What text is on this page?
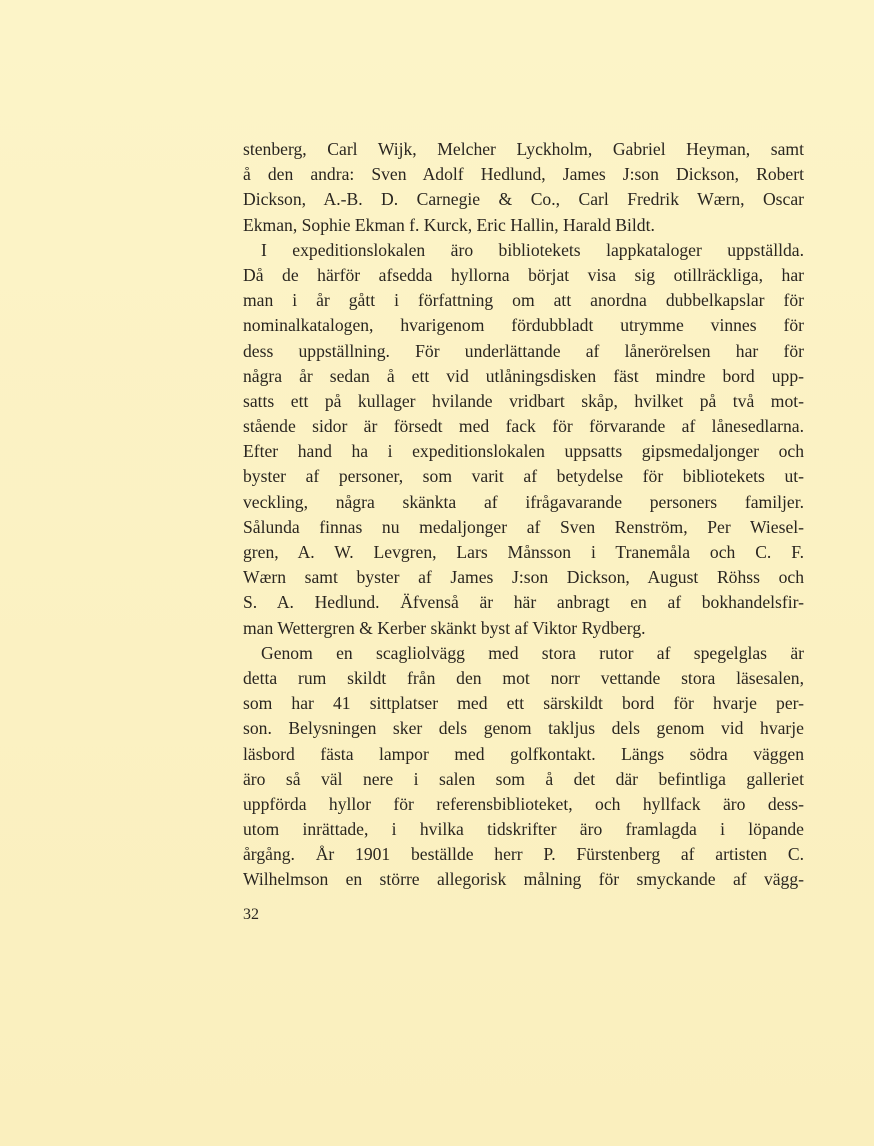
stenberg, Carl Wijk, Melcher Lyckholm, Gabriel Heyman, samt
å den andra: Sven Adolf Hedlund, James J:son Dickson, Robert
Dickson, A.-B. D. Carnegie & Co., Carl Fredrik Wærn, Oscar
Ekman, Sophie Ekman f. Kurck, Eric Hallin, Harald Bildt.
I expeditionslokalen äro bibliotekets lappkataloger uppställda.
Då de härför afsedda hyllorna börjat visa sig otillräckliga, har
man i år gått i författning om att anordna dubbelkapslar för
nominalkatalogen, hvarigenom fördubbladt utrymme vinnes för
dess uppställning. För underlättande af lånerörelsen har för
några år sedan å ett vid utlåningsdisken fäst mindre bord upp-
satts ett på kullager hvilande vridbart skåp, hvilket på två mot-
stående sidor är försedt med fack för förvarande af lånesedlarna.
Efter hand ha i expeditionslokalen uppsatts gipsmedaljonger och
byster af personer, som varit af betydelse för bibliotekets ut-
veckling, några skänkta af ifrågavarande personers familjer.
Sålunda finnas nu medaljonger af Sven Renström, Per Wiesel-
gren, A. W. Levgren, Lars Månsson i Tranemåla och C. F.
Wærn samt byster af James J:son Dickson, August Röhss och
S. A. Hedlund. Äfvenså är här anbragt en af bokhandelsfir-
man Wettergren & Kerber skänkt byst af Viktor Rydberg.
Genom en scagliolvägg med stora rutor af spegelglas är
detta rum skildt från den mot norr vettande stora läsesalen,
som har 41 sittplatser med ett särskildt bord för hvarje per-
son. Belysningen sker dels genom takljus dels genom vid hvarje
läsbord fästa lampor med golfkontakt. Längs södra väggen
äro så väl nere i salen som å det där befintliga galleriet
uppförda hyllor för referensbiblioteket, och hyllfack äro dess-
utom inrättade, i hvilka tidskrifter äro framlagda i löpande
årgång. År 1901 beställde herr P. Fürstenberg af artisten C.
Wilhelmson en större allegorisk målning för smyckande af vägg-
32
